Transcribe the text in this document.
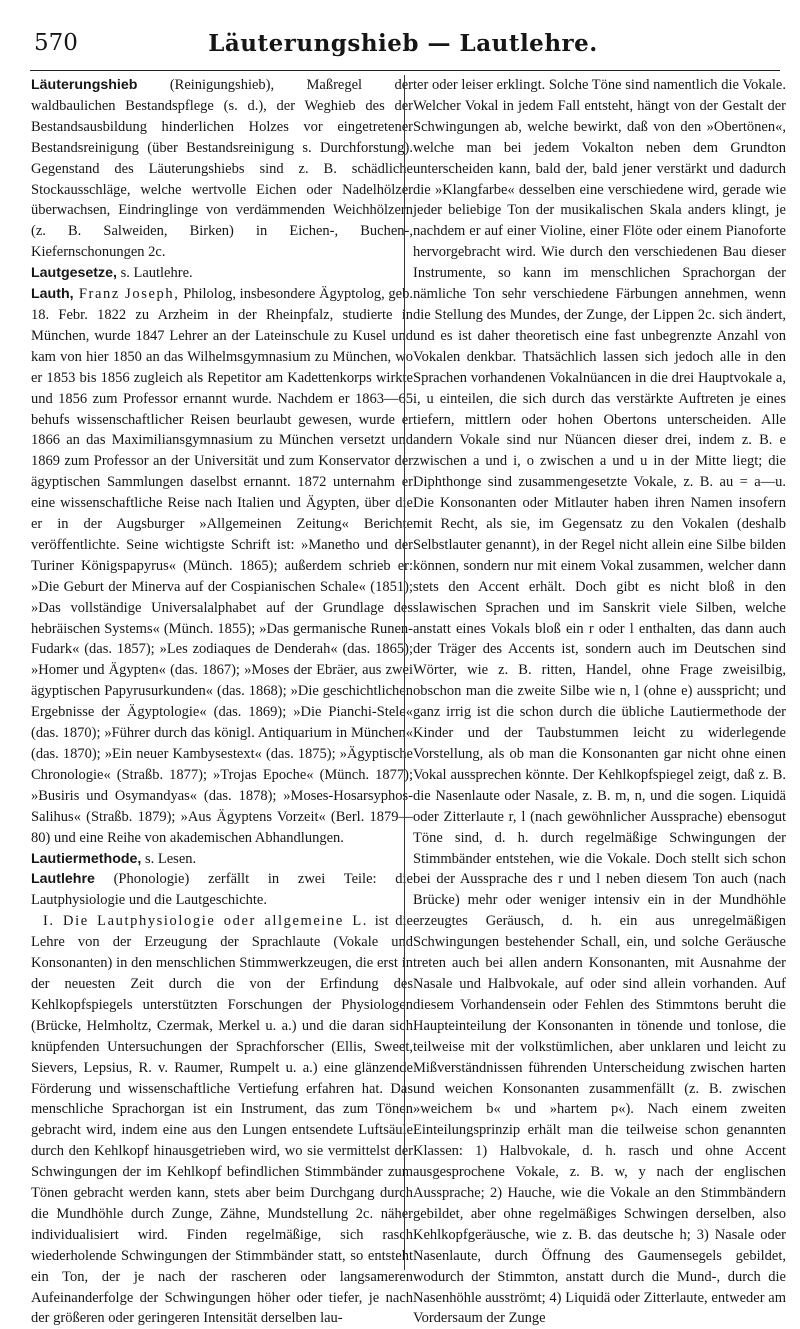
570	Läuterungshieb — Lautlehre.

Läuterungshieb (Reinigungshieb), Maßregel der waldbaulichen Bestandspflege (s. d.), der Weghieb des der Bestandsausbildung hinderlichen Holzes vor eingetretener Bestandsreinigung (über Bestandsreinigung s. Durchforstung). Gegenstand des Läuterungshiebs sind z. B. schädliche Stockausschläge, welche wertvolle Eichen oder Nadelhölzer überwachsen, Eindringlinge von verdämmenden Weichhölzern (z. B. Salweiden, Birken) in Eichen-, Buchen-, Kiefernschonungen 2c.

Lautgesetze, s. Lautlehre.

Lauth, Franz Joseph, Philolog, insbesondere Ägyptolog, geb. 18. Febr. 1822 zu Arzheim in der Rheinpfalz, studierte in München, wurde 1847 Lehrer an der Lateinschule zu Kusel und kam von hier 1850 an das Wilhelmsgymnasium zu München, wo er 1853 bis 1856 zugleich als Repetitor am Kadettenkorps wirkte und 1856 zum Professor ernannt wurde. Nachdem er 1863—65 behufs wissenschaftlicher Reisen beurlaubt gewesen, wurde er 1866 an das Maximiliansgymnasium zu München versetzt und 1869 zum Professor an der Universität und zum Konservator der ägyptischen Sammlungen daselbst ernannt. 1872 unternahm er eine wissenschaftliche Reise nach Italien und Ägypten, über die er in der Augsburger »Allgemeinen Zeitung« Berichte veröffentlichte. Seine wichtigste Schrift ist: »Manetho und der Turiner Königspapyrus« (Münch. 1865); außerdem schrieb er: »Die Geburt der Minerva auf der Cospianischen Schale« (1851); »Das vollständige Universalalphabet auf der Grundlage des hebräischen Systems« (Münch. 1855); »Das germanische Runen-Fudark« (das. 1857); »Les zodiaques de Denderah« (das. 1865); »Homer und Ägypten« (das. 1867); »Moses der Ebräer, aus zwei ägyptischen Papyrusurkunden« (das. 1868); »Die geschichtlichen Ergebnisse der Ägyptologie« (das. 1869); »Die Pianchi-Stele« (das. 1870); »Führer durch das königl. Antiquarium in München« (das. 1870); »Ein neuer Kambysestext« (das. 1875); »Ägyptische Chronologie« (Straßb. 1877); »Trojas Epoche« (Münch. 1877); »Busiris und Osymandyas« (das. 1878); »Moses-Hosarsyphos-Salihus« (Straßb. 1879); »Aus Ägyptens Vorzeit« (Berl. 1879—80) und eine Reihe von akademischen Abhandlungen.

Lautiermethode, s. Lesen.

Lautlehre (Phonologie) zerfällt in zwei Teile: die Lautphysiologie und die Lautgeschichte.

I. Die Lautphysiologie oder allgemeine L. ist die Lehre von der Erzeugung der Sprachlaute (Vokale und Konsonanten) in den menschlichen Stimmwerkzeugen, die erst in der neuesten Zeit durch die von der Erfindung des Kehlkopfspiegels unterstützten Forschungen der Physiologen (Brücke, Helmholtz, Czermak, Merkel u. a.) und die daran sich knüpfenden Untersuchungen der Sprachforscher (Ellis, Sweet, Sievers, Lepsius, R. v. Raumer, Rumpelt u. a.) eine glänzende Förderung und wissenschaftliche Vertiefung erfahren hat. Das menschliche Sprachorgan ist ein Instrument, das zum Tönen gebracht wird, indem eine aus den Lungen entsendete Luftsäule durch den Kehlkopf hinausgetrieben wird, wo sie vermittelst der Schwingungen der im Kehlkopf befindlichen Stimmbänder zum Tönen gebracht werden kann, stets aber beim Durchgang durch die Mundhöhle durch Zunge, Zähne, Mundstellung 2c. näher individualisiert wird. Finden regelmäßige, sich rasch wiederholende Schwingungen der Stimmbänder statt, so entsteht ein Ton, der je nach der rascheren oder langsameren Aufeinanderfolge der Schwingungen höher oder tiefer, je nach der größeren oder geringeren Intensität derselben lau-

ter oder leiser erklingt. Solche Töne sind namentlich die Vokale. Welcher Vokal in jedem Fall entsteht, hängt von der Gestalt der Schwingungen ab, welche bewirkt, daß von den »Obertönen«, welche man bei jedem Vokalton neben dem Grundton unterscheiden kann, bald der, bald jener verstärkt und dadurch die »Klangfarbe« desselben eine verschiedene wird, gerade wie jeder beliebige Ton der musikalischen Skala anders klingt, je nachdem er auf einer Violine, einer Flöte oder einem Pianoforte hervorgebracht wird. Wie durch den verschiedenen Bau dieser Instrumente, so kann im menschlichen Sprachorgan der nämliche Ton sehr verschiedene Färbungen annehmen, wenn die Stellung des Mundes, der Zunge, der Lippen 2c. sich ändert, und es ist daher theoretisch eine fast unbegrenzte Anzahl von Vokalen denkbar. Thatsächlich lassen sich jedoch alle in den Sprachen vorhandenen Vokalnüancen in die drei Hauptvokale a, i, u einteilen, die sich durch das verstärkte Auftreten je eines tiefern, mittlern oder hohen Obertons unterscheiden. Alle andern Vokale sind nur Nüancen dieser drei, indem z. B. e zwischen a und i, o zwischen a und u in der Mitte liegt; die Diphthonge sind zusammengesetzte Vokale, z. B. au = a—u. Die Konsonanten oder Mitlauter haben ihren Namen insofern mit Recht, als sie, im Gegensatz zu den Vokalen (deshalb Selbstlauter genannt), in der Regel nicht allein eine Silbe bilden können, sondern nur mit einem Vokal zusammen, welcher dann stets den Accent erhält. Doch gibt es nicht bloß in den slawischen Sprachen und im Sanskrit viele Silben, welche anstatt eines Vokals bloß ein r oder l enthalten, das dann auch der Träger des Accents ist, sondern auch im Deutschen sind Wörter, wie z. B. ritten, Handel, ohne Frage zweisilbig, obschon man die zweite Silbe wie n, l (ohne e) ausspricht; und ganz irrig ist die schon durch die übliche Lautiermethode der Kinder und der Taubstummen leicht zu widerlegende Vorstellung, als ob man die Konsonanten gar nicht ohne einen Vokal aussprechen könnte. Der Kehlkopfspiegel zeigt, daß z. B. die Nasenlaute oder Nasale, z. B. m, n, und die sogen. Liquidä oder Zitterlaute r, l (nach gewöhnlicher Aussprache) ebensogut Töne sind, d. h. durch regelmäßige Schwingungen der Stimmbänder entstehen, wie die Vokale. Doch stellt sich schon bei der Aussprache des r und l neben diesem Ton auch (nach Brücke) mehr oder weniger intensiv ein in der Mundhöhle erzeugtes Geräusch, d. h. ein aus unregelmäßigen Schwingungen bestehender Schall, ein, und solche Geräusche treten auch bei allen andern Konsonanten, mit Ausnahme der Nasale und Halbvokale, auf oder sind allein vorhanden. Auf diesem Vorhandensein oder Fehlen des Stimmtons beruht die Haupteinteilung der Konsonanten in tönende und tonlose, die teilweise mit der volkstümlichen, aber unklaren und leicht zu Mißverständnissen führenden Unterscheidung zwischen harten und weichen Konsonanten zusammenfällt (z. B. zwischen »weichem b« und »hartem p«). Nach einem zweiten Einteilungsprinzip erhält man die teilweise schon genannten Klassen: 1) Halbvokale, d. h. rasch und ohne Accent ausgesprochene Vokale, z. B. w, y nach der englischen Aussprache; 2) Hauche, wie die Vokale an den Stimmbändern gebildet, aber ohne regelmäßiges Schwingen derselben, also Kehlkopfgeräusche, wie z. B. das deutsche h; 3) Nasale oder Nasenlaute, durch Öffnung des Gaumensegels gebildet, wodurch der Stimmton, anstatt durch die Mund-, durch die Nasenhöhle ausströmt; 4) Liquidä oder Zitterlaute, entweder am Vordersaum der Zunge
